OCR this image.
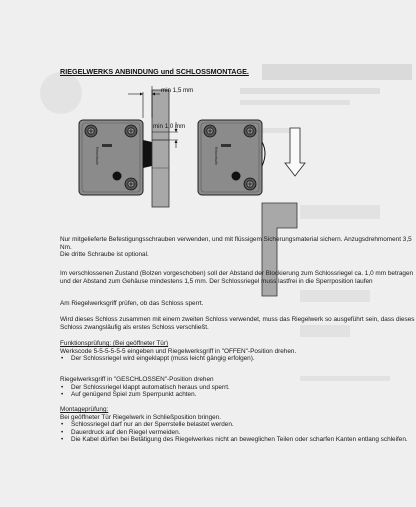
RIEGELWERKS ANBINDUNG und SCHLOSSMONTAGE.
Rekordsafe
min 1,5 mm
min 1,0 mm
Rekordsafe
Nur mitgelieferte Befestigungsschrauben verwenden, und mit flüssigem Sicherungsmaterial sichern. Anzugsdrehmoment 3,5 Nm.
Die dritte Schraube ist optional.
Im verschlossenen Zustand (Bolzen vorgeschoben) soll der Abstand der Blockierung zum Schlossriegel ca. 1,0 mm betragen und der Abstand zum Gehäuse mindestens 1,5 mm. Der Schlossriegel muss lastfrei in die Sperrposition laufen
Am Riegelwerksgriff prüfen, ob das Schloss sperrt.
Wird dieses Schloss zusammen mit einem zweiten Schloss verwendet, muss das Riegelwerk so ausgeführt sein, dass dieses Schloss zwangsläufig als erstes Schloss verschließt.
Funktionsprüfung: (Bei geöffneter Tür)
Werkscode 5-5-5-5-5-5 eingeben und Riegelwerksgriff in "OFFEN"-Position drehen.
• Der Schlossriegel wird eingeklappt (muss leicht gängig erfolgen).
Riegelwerksgriff in "GESCHLOSSEN"-Position drehen
• Der Schlossriegel klappt automatisch heraus und sperrt.
• Auf genügend Spiel zum Sperrpunkt achten.
Montageprüfung:
Bei geöffneter Tür Riegelwerk in Schließposition bringen.
• Schlossriegel darf nur an der Sperrstelle belastet werden.
• Dauerdruck auf den Riegel vermeiden.
• Die Kabel dürfen bei Betätigung des Riegelwerkes nicht an beweglichen Teilen oder scharfen Kanten entlang schleifen.
